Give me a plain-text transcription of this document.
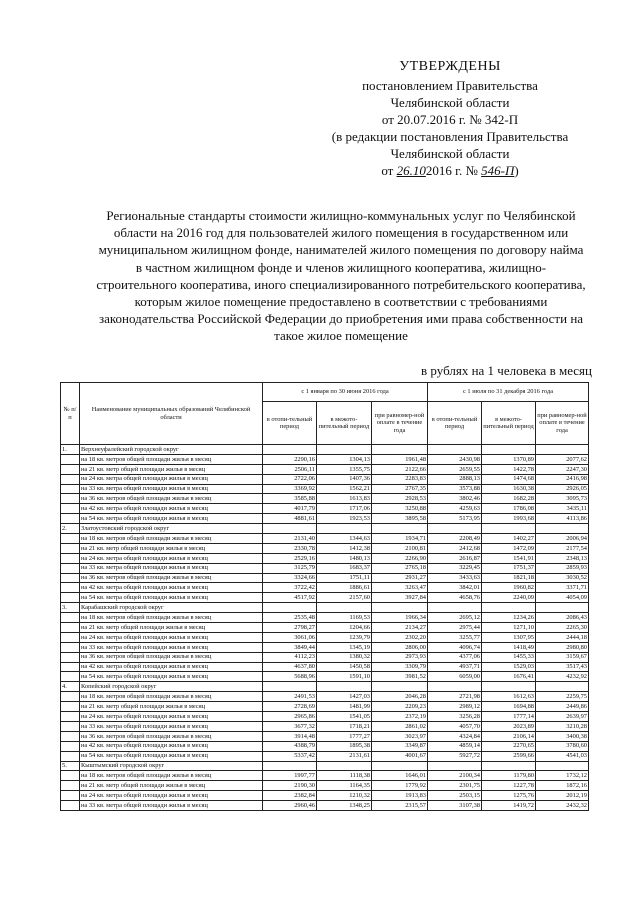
УТВЕРЖДЕНЫ
постановлением Правительства
Челябинской области
от 20.07.2016 г. № 342-П
(в редакции постановления Правительства
Челябинской области
от 26.102016 г. № 546-П)
Региональные стандарты стоимости жилищно-коммунальных услуг по Челябинской области на 2016 год для пользователей жилого помещения в государственном или муниципальном жилищном фонде, нанимателей жилого помещения по договору найма в частном жилищном фонде и членов жилищного кооператива, жилищно-строительного кооператива, иного специализированного потребительского кооператива, которым жилое помещение предоставлено в соответствии с требованиями законодательства Российской Федерации до приобретения ими права собственности на такое жилое помещение
в рублях на 1 человека в месяц
№ п/п	Наименование муниципальных образований Челябинской области	с 1 января по 30 июня 2016 года			с 1 июля по 31 декабря 2016 года		
		в отопи-тельный период	в межото-пительный период	при равномер-ной оплате в течение года	в отопи-тельный период	в межото-пительный период	при равномер-ной оплате в течение года
1.	Верхнеуфалейский городской округ						
	на 18 кв. метров общей площади жилья в месяц	2290,16	1304,13	1961,48	2430,98	1370,89	2077,62
	на 21 кв. метр общей площади жилья в месяц	2506,11	1355,75	2122,66	2659,55	1422,78	2247,30
	на 24 кв. метра общей площади жилья в месяц	2722,06	1407,36	2283,83	2888,13	1474,68	2416,98
	на 33 кв. метра общей площади жилья в месяц	3369,92	1562,21	2767,35	3573,88	1630,38	2926,05
	на 36 кв. метров общей площади жилья в месяц	3585,88	1613,83	2928,53	3802,46	1682,28	3095,73
	на 42 кв. метра общей площади жилья в месяц	4017,79	1717,06	3250,88	4259,63	1786,08	3435,11
	на 54 кв. метра общей площади жилья в месяц	4881,61	1923,53	3895,58	5173,95	1993,68	4113,86
2.	Златоустовский городской округ						
	на 18 кв. метров общей площади жилья в месяц	2131,40	1344,63	1934,71	2208,49	1402,27	2006,94
	на 21 кв. метр общей площади жилья в месяц	2330,78	1412,38	2100,81	2412,68	1472,09	2177,54
	на 24 кв. метра общей площади жилья в месяц	2529,16	1480,13	2266,90	2616,87	1541,91	2348,13
	на 33 кв. метра общей площади жилья в месяц	3125,79	1683,37	2765,18	3229,45	1751,37	2859,93
	на 36 кв. метров общей площади жилья в месяц	3324,66	1751,11	2931,27	3433,63	1821,18	3030,52
	на 42 кв. метра общей площади жилья в месяц	3722,42	1886,61	3263,47	3842,01	1960,82	3371,71
	на 54 кв. метра общей площади жилья в месяц	4517,92	2157,60	3927,84	4658,76	2240,09	4054,09
3.	Карабашский городской округ						
	на 18 кв. метров общей площади жилья в месяц	2535,48	1169,53	1966,34	2695,12	1234,26	2086,43
	на 21 кв. метр общей площади жилья в месяц	2798,27	1204,66	2134,27	2975,44	1271,10	2265,30
	на 24 кв. метра общей площади жилья в месяц	3061,06	1239,79	2302,20	3255,77	1307,95	2444,18
	на 33 кв. метра общей площади жилья в месяц	3849,44	1345,19	2806,00	4096,74	1418,49	2980,80
	на 36 кв. метров общей площади жилья в месяц	4112,23	1380,32	2973,93	4377,06	1455,33	3159,67
	на 42 кв. метра общей площади жилья в месяц	4637,80	1450,58	3309,79	4937,71	1529,03	3517,43
	на 54 кв. метра общей площади жилья в месяц	5688,96	1591,10	3981,52	6059,00	1676,41	4232,92
4.	Копейский городской округ						
	на 18 кв. метров общей площади жилья в месяц	2491,53	1427,03	2046,28	2721,98	1612,63	2259,75
	на 21 кв. метр общей площади жилья в месяц	2728,69	1481,99	2209,23	2989,12	1694,88	2449,86
	на 24 кв. метра общей площади жилья в месяц	2965,86	1541,05	2372,19	3256,28	1777,14	2639,97
	на 33 кв. метра общей площади жилья в месяц	3677,32	1718,21	2861,02	4057,70	2023,89	3210,28
	на 36 кв. метров общей площади жилья в месяц	3914,48	1777,27	3023,97	4324,84	2106,14	3400,38
	на 42 кв. метра общей площади жилья в месяц	4388,79	1895,38	3349,87	4859,14	2270,65	3780,60
	на 54 кв. метра общей площади жилья в месяц	5337,42	2131,61	4001,67	5927,72	2599,66	4541,03
5.	Кыштымский городской округ						
	на 18 кв. метров общей площади жилья в месяц	1997,77	1118,38	1646,01	2100,34	1179,80	1732,12
	на 21 кв. метр общей площади жилья в месяц	2190,30	1164,35	1779,92	2301,75	1227,78	1872,16
	на 24 кв. метра общей площади жилья в месяц	2382,84	1210,32	1913,83	2503,15	1275,76	2012,19
	на 33 кв. метра общей площади жилья в месяц	2960,46	1348,25	2315,57	3107,38	1419,72	2432,32
